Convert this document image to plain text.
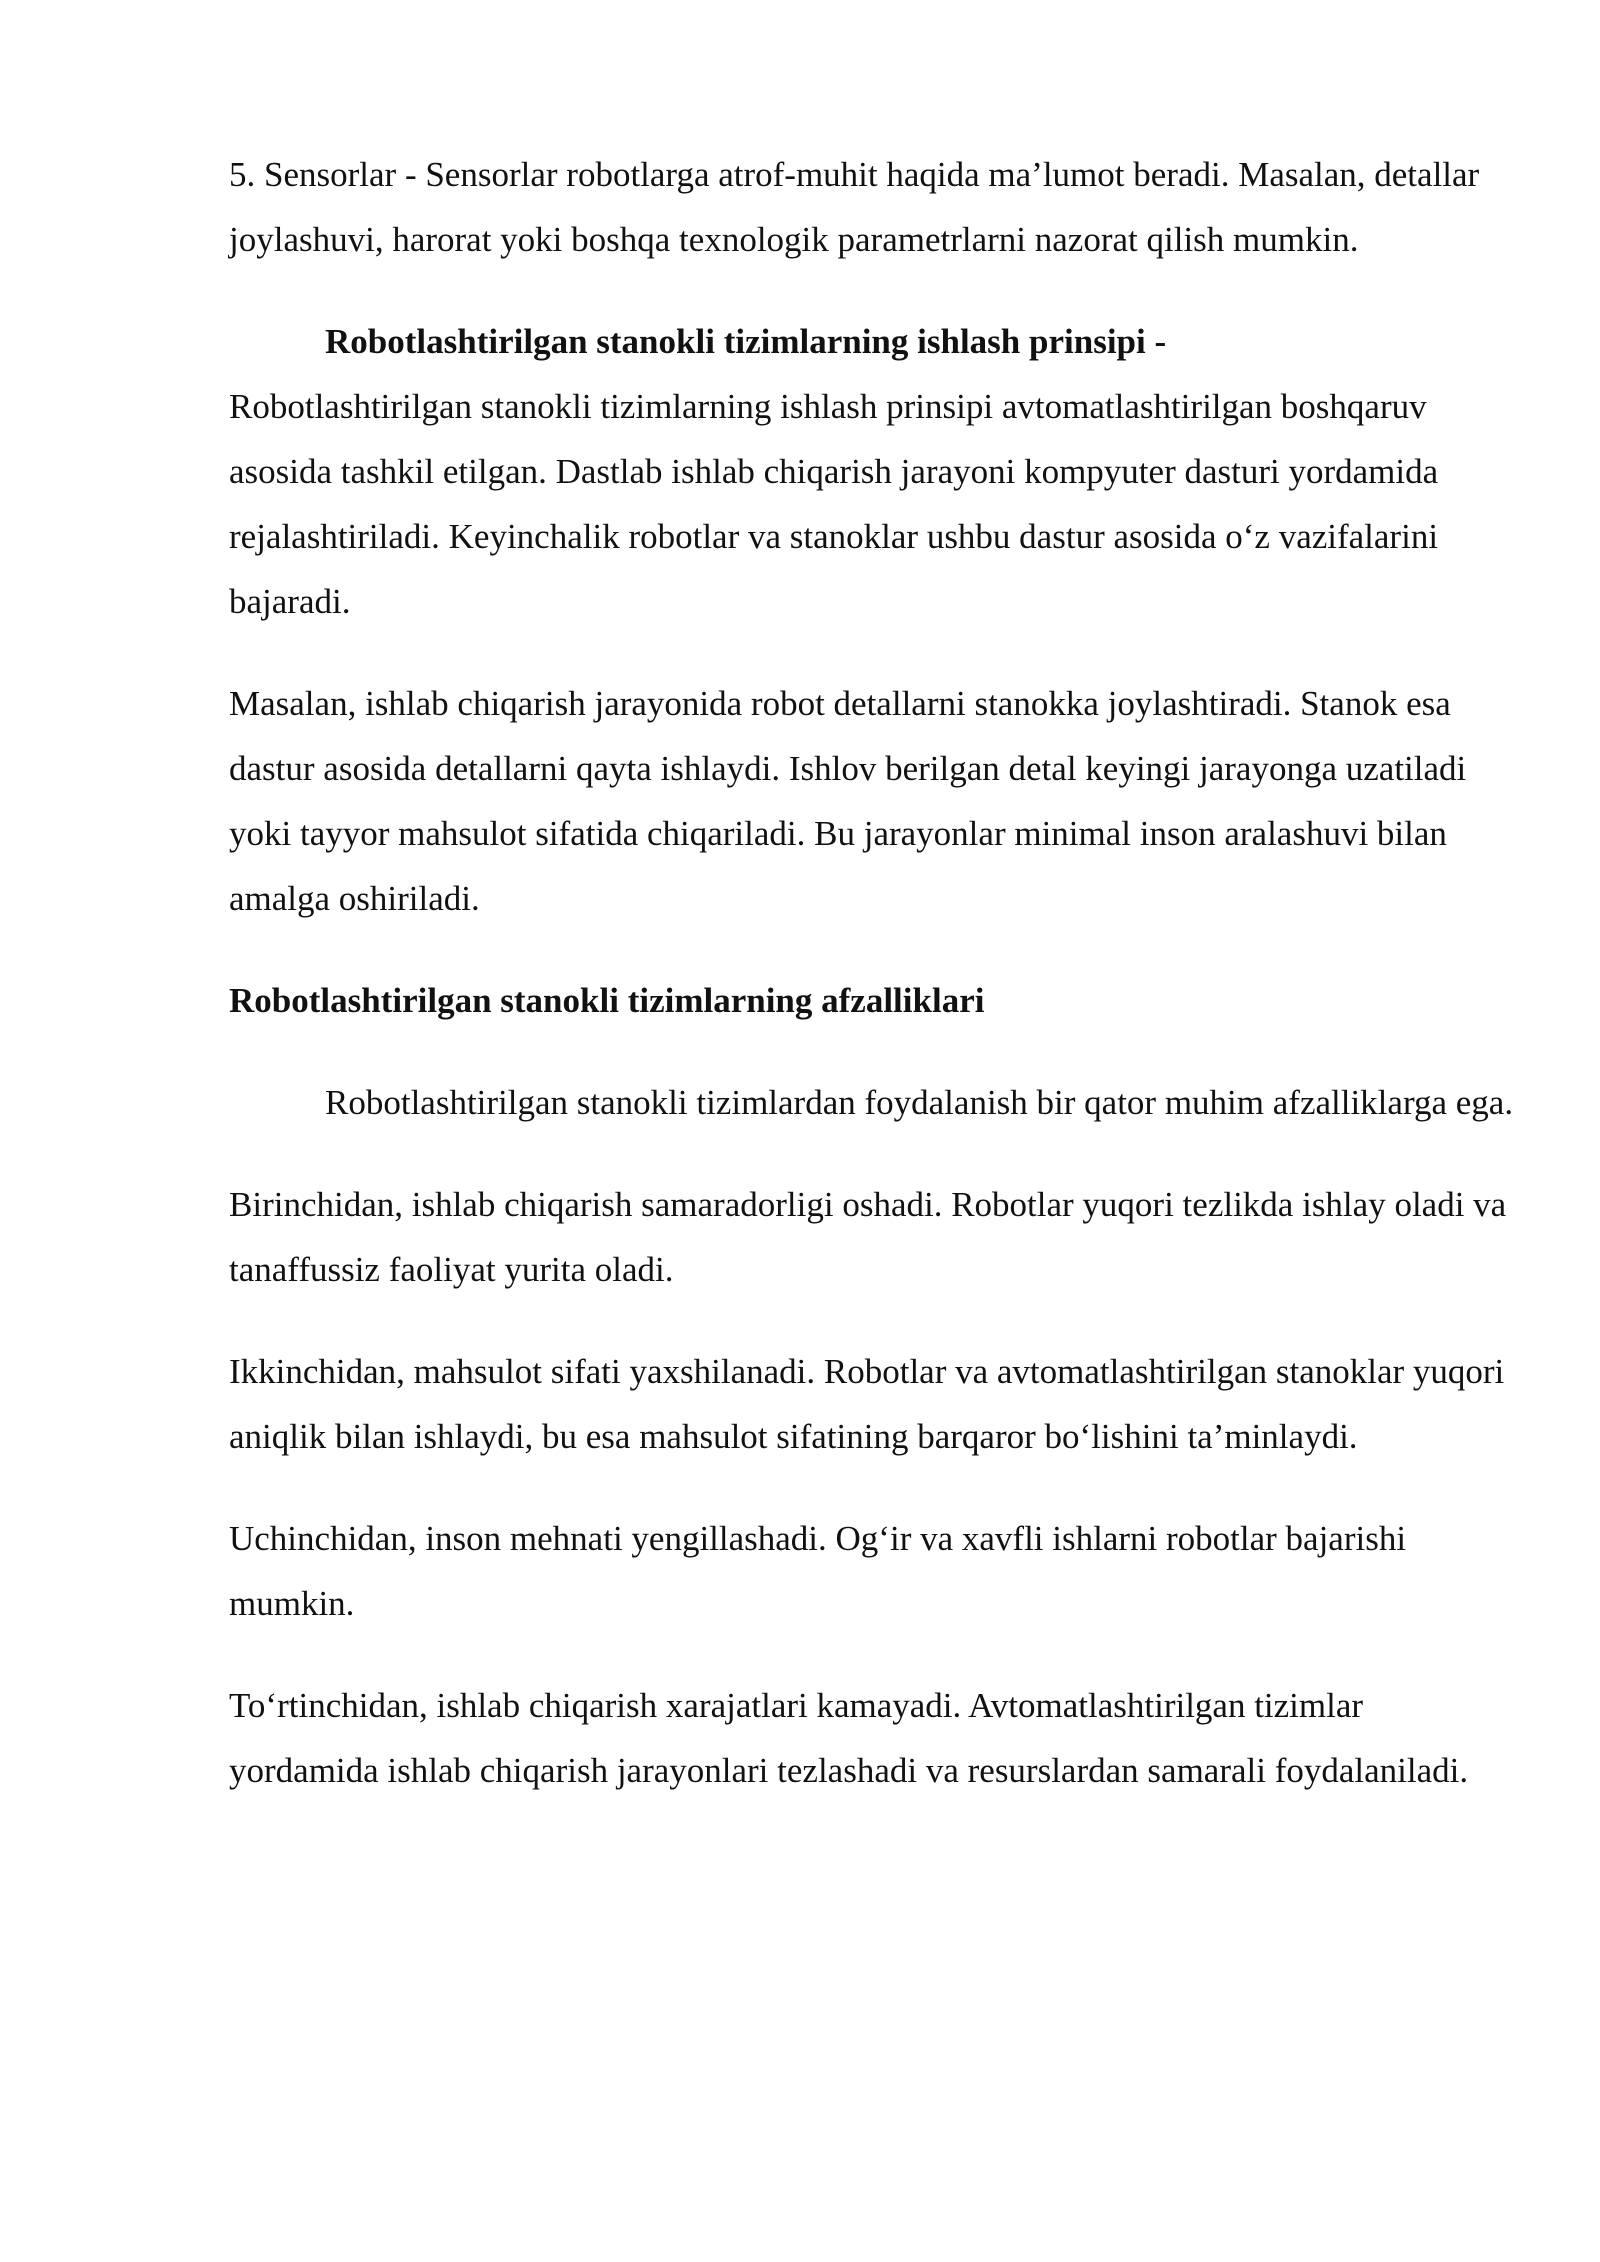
5. Sensorlar - Sensorlar robotlarga atrof-muhit haqida ma’lumot beradi. Masalan, detallar joylashuvi, harorat yoki boshqa texnologik parametrlarni nazorat qilish mumkin.

Robotlashtirilgan stanokli tizimlarning ishlash prinsipi -
Robotlashtirilgan stanokli tizimlarning ishlash prinsipi avtomatlashtirilgan boshqaruv asosida tashkil etilgan. Dastlab ishlab chiqarish jarayoni kompyuter dasturi yordamida rejalashtiriladi. Keyinchalik robotlar va stanoklar ushbu dastur asosida o‘z vazifalarini bajaradi.

Masalan, ishlab chiqarish jarayonida robot detallarni stanokka joylashtiradi. Stanok esa dastur asosida detallarni qayta ishlaydi. Ishlov berilgan detal keyingi jarayonga uzatiladi yoki tayyor mahsulot sifatida chiqariladi. Bu jarayonlar minimal inson aralashuvi bilan amalga oshiriladi.

Robotlashtirilgan stanokli tizimlarning afzalliklari

Robotlashtirilgan stanokli tizimlardan foydalanish bir qator muhim afzalliklarga ega.

Birinchidan, ishlab chiqarish samaradorligi oshadi. Robotlar yuqori tezlikda ishlay oladi va tanaffussiz faoliyat yurita oladi.

Ikkinchidan, mahsulot sifati yaxshilanadi. Robotlar va avtomatlashtirilgan stanoklar yuqori aniqlik bilan ishlaydi, bu esa mahsulot sifatining barqaror bo‘lishini ta’minlaydi.

Uchinchidan, inson mehnati yengillashadi. Og‘ir va xavfli ishlarni robotlar bajarishi mumkin.

To‘rtinchidan, ishlab chiqarish xarajatlari kamayadi. Avtomatlashtirilgan tizimlar yordamida ishlab chiqarish jarayonlari tezlashadi va resurslardan samarali foydalaniladi.
